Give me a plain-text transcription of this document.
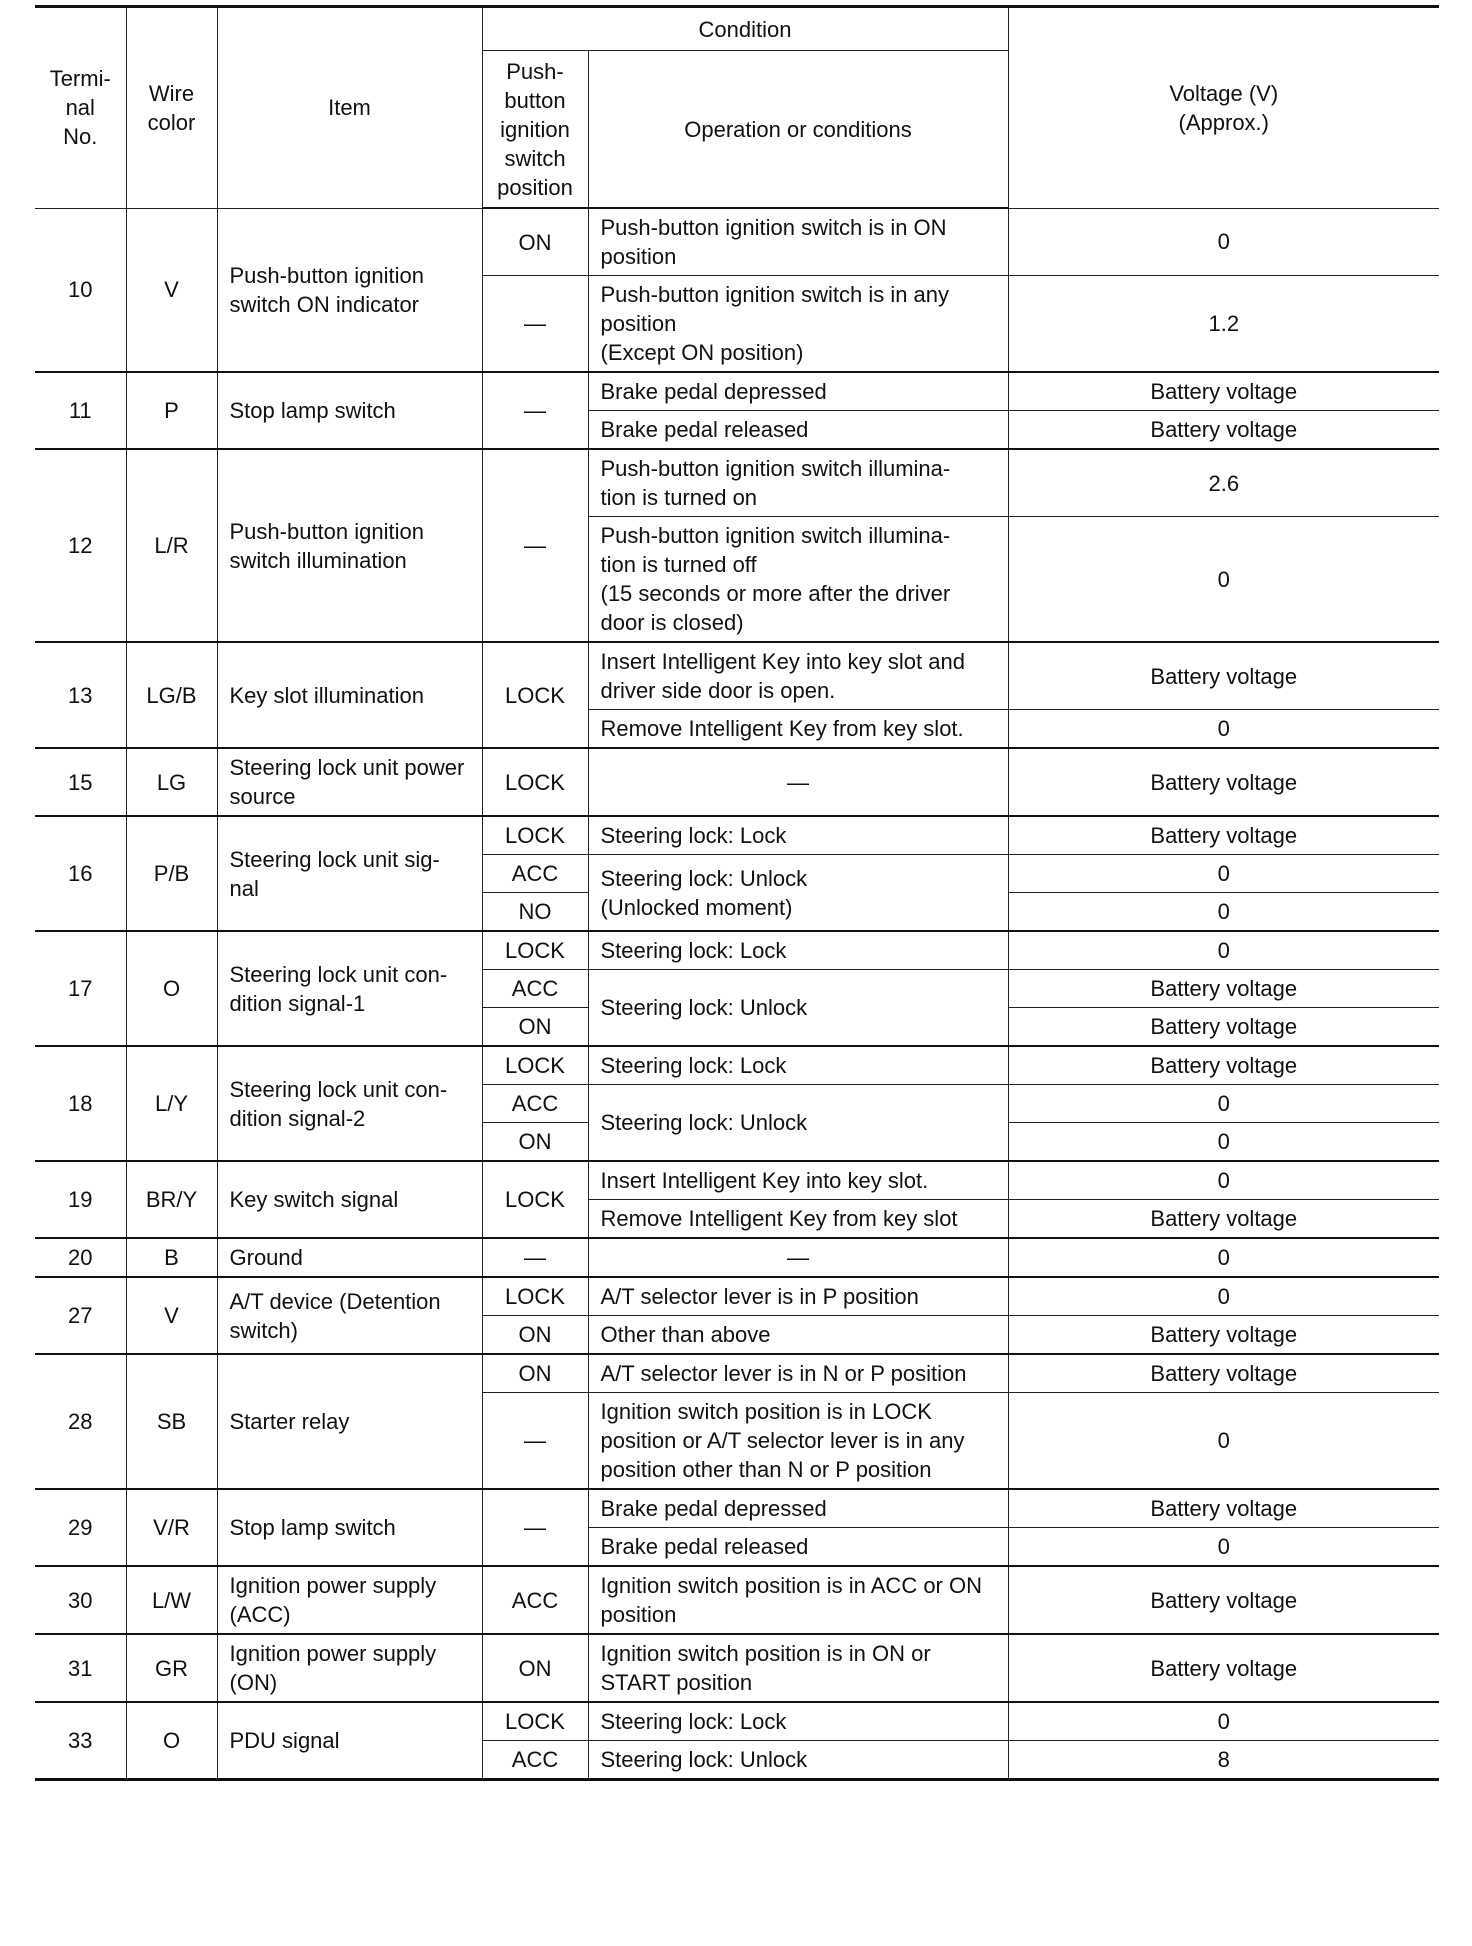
Termi-
nal
No.	Wire
color	Item	Condition		Voltage (V)
(Approx.)
			Push-
button
ignition
switch
position	Operation or conditions	
10	V	Push-button ignition switch ON indicator	ON	Push-button ignition switch is in ON position	0
			—	Push-button ignition switch is in any position
(Except ON position)	1.2
11	P	Stop lamp switch	—	Brake pedal depressed	Battery voltage
				Brake pedal released	Battery voltage
12	L/R	Push-button ignition switch illumination	—	Push-button ignition switch illumina-
tion is turned on	2.6
				Push-button ignition switch illumina-
tion is turned off
(15 seconds or more after the driver door is closed)	0
13	LG/B	Key slot illumination	LOCK	Insert Intelligent Key into key slot and driver side door is open.	Battery voltage
				Remove Intelligent Key from key slot.	0
15	LG	Steering lock unit power source	LOCK	—	Battery voltage
16	P/B	Steering lock unit sig-
nal	LOCK	Steering lock: Lock	Battery voltage
			ACC	Steering lock: Unlock
(Unlocked moment)	0
			NO		0
17	O	Steering lock unit con-
dition signal-1	LOCK	Steering lock: Lock	0
			ACC	Steering lock: Unlock	Battery voltage
			ON		Battery voltage
18	L/Y	Steering lock unit con-
dition signal-2	LOCK	Steering lock: Lock	Battery voltage
			ACC	Steering lock: Unlock	0
			ON		0
19	BR/Y	Key switch signal	LOCK	Insert Intelligent Key into key slot.	0
				Remove Intelligent Key from key slot	Battery voltage
20	B	Ground	—	—	0
27	V	A/T device (Detention switch)	LOCK	A/T selector lever is in P position	0
			ON	Other than above	Battery voltage
28	SB	Starter relay	ON	A/T selector lever is in N or P position	Battery voltage
			—	Ignition switch position is in LOCK position or A/T selector lever is in any position other than N or P position	0
29	V/R	Stop lamp switch	—	Brake pedal depressed	Battery voltage
				Brake pedal released	0
30	L/W	Ignition power supply (ACC)	ACC	Ignition switch position is in ACC or ON position	Battery voltage
31	GR	Ignition power supply (ON)	ON	Ignition switch position is in ON or START position	Battery voltage
33	O	PDU signal	LOCK	Steering lock: Lock	0
			ACC	Steering lock: Unlock	8
